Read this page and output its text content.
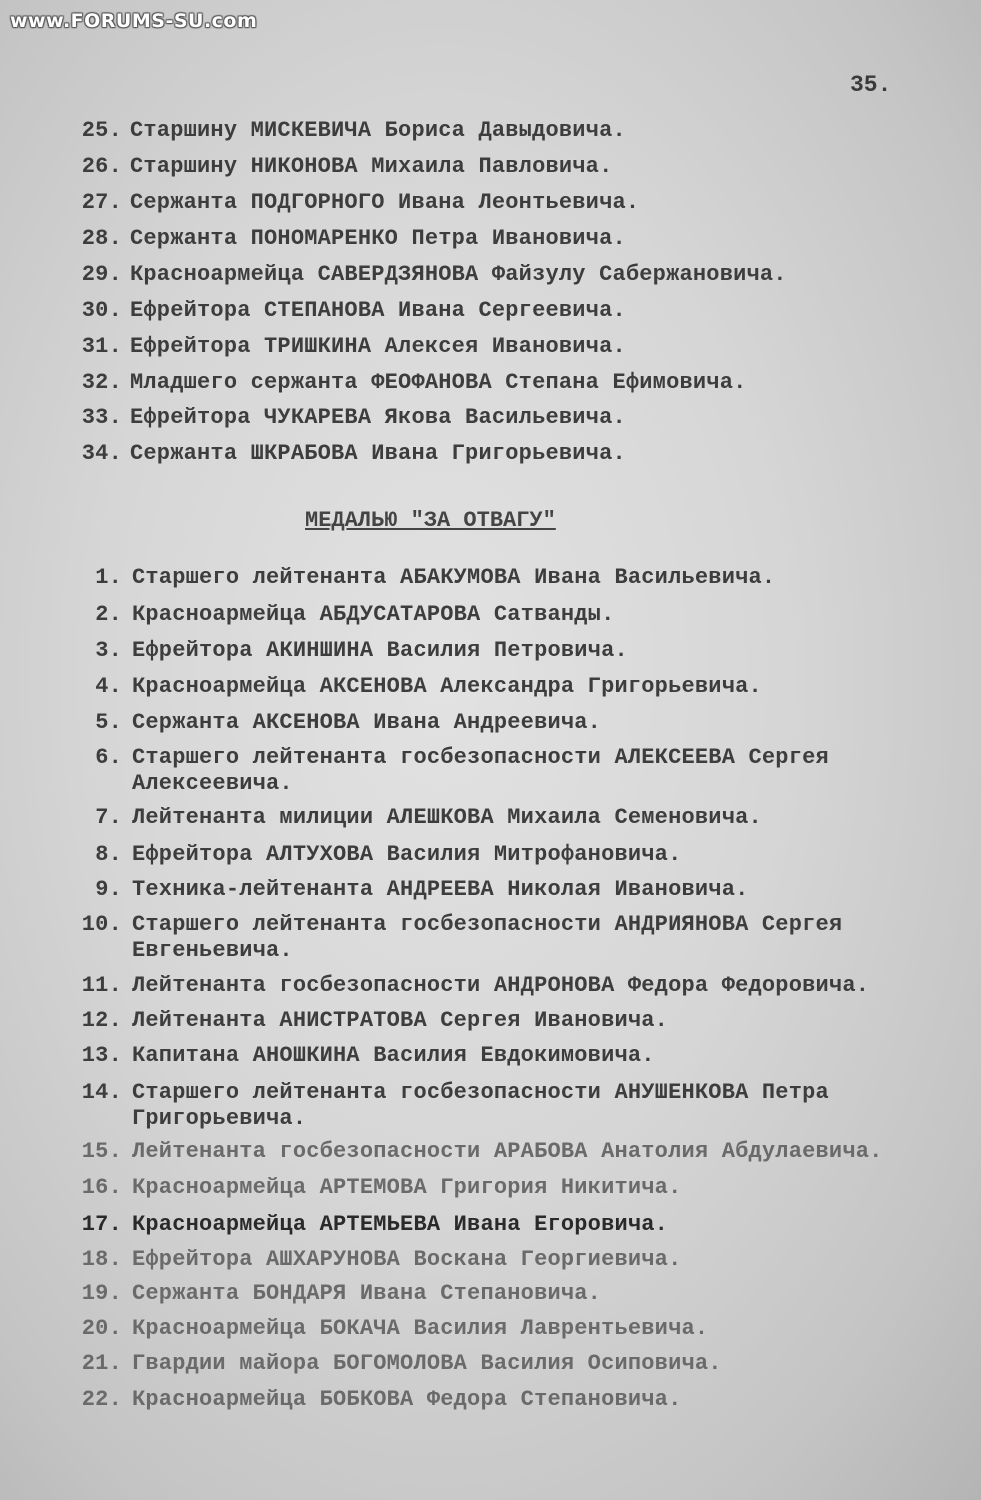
www.FORUMS-SU.com
35.
25. Старшину МИСКЕВИЧА Бориса Давыдовича.
26. Старшину НИКОНОВА Михаила Павловича.
27. Сержанта ПОДГОРНОГО Ивана Леонтьевича.
28. Сержанта ПОНОМАРЕНКО Петра Ивановича.
29. Красноармейца САВЕРДЗЯНОВА Файзулу Сабержановича.
30. Ефрейтора СТЕПАНОВА Ивана Сергеевича.
31. Ефрейтора ТРИШКИНА Алексея Ивановича.
32. Младшего сержанта ФЕОФАНОВА Степана Ефимовича.
33. Ефрейтора ЧУКАРЕВА Якова Васильевича.
34. Сержанта ШКРАБОВА Ивана Григорьевича.
МЕДАЛЬЮ "ЗА ОТВАГУ"
1. Старшего лейтенанта АБАКУМОВА Ивана Васильевича.
2. Красноармейца АБДУСАТАРОВА Сатванды.
3. Ефрейтора АКИНШИНА Василия Петровича.
4. Красноармейца АКСЕНОВА Александра Григорьевича.
5. Сержанта АКСЕНОВА Ивана Андреевича.
6. Старшего лейтенанта госбезопасности АЛЕКСЕЕВА Сергея
Алексеевича.
7. Лейтенанта милиции АЛЕШКОВА Михаила Семеновича.
8. Ефрейтора АЛТУХОВА Василия Митрофановича.
9. Техника-лейтенанта АНДРЕЕВА Николая Ивановича.
10. Старшего лейтенанта госбезопасности АНДРИЯНОВА Сергея
Евгеньевича.
11. Лейтенанта госбезопасности АНДРОНОВА Федора Федоровича.
12. Лейтенанта АНИСТРАТОВА Сергея Ивановича.
13. Капитана АНОШКИНА Василия Евдокимовича.
14. Старшего лейтенанта госбезопасности АНУШЕНКОВА Петра
Григорьевича.
15. Лейтенанта госбезопасности АРАБОВА Анатолия Абдулаевича.
16. Красноармейца АРТЕМОВА Григория Никитича.
17. Красноармейца АРТЕМЬЕВА Ивана Егоровича.
18. Ефрейтора АШХАРУНОВА Воскана Георгиевича.
19. Сержанта БОНДАРЯ Ивана Степановича.
20. Красноармейца БОКАЧА Василия Лаврентьевича.
21. Гвардии майора БОГОМОЛОВА Василия Осиповича.
22. Красноармейца БОБКОВА Федора Степановича.
